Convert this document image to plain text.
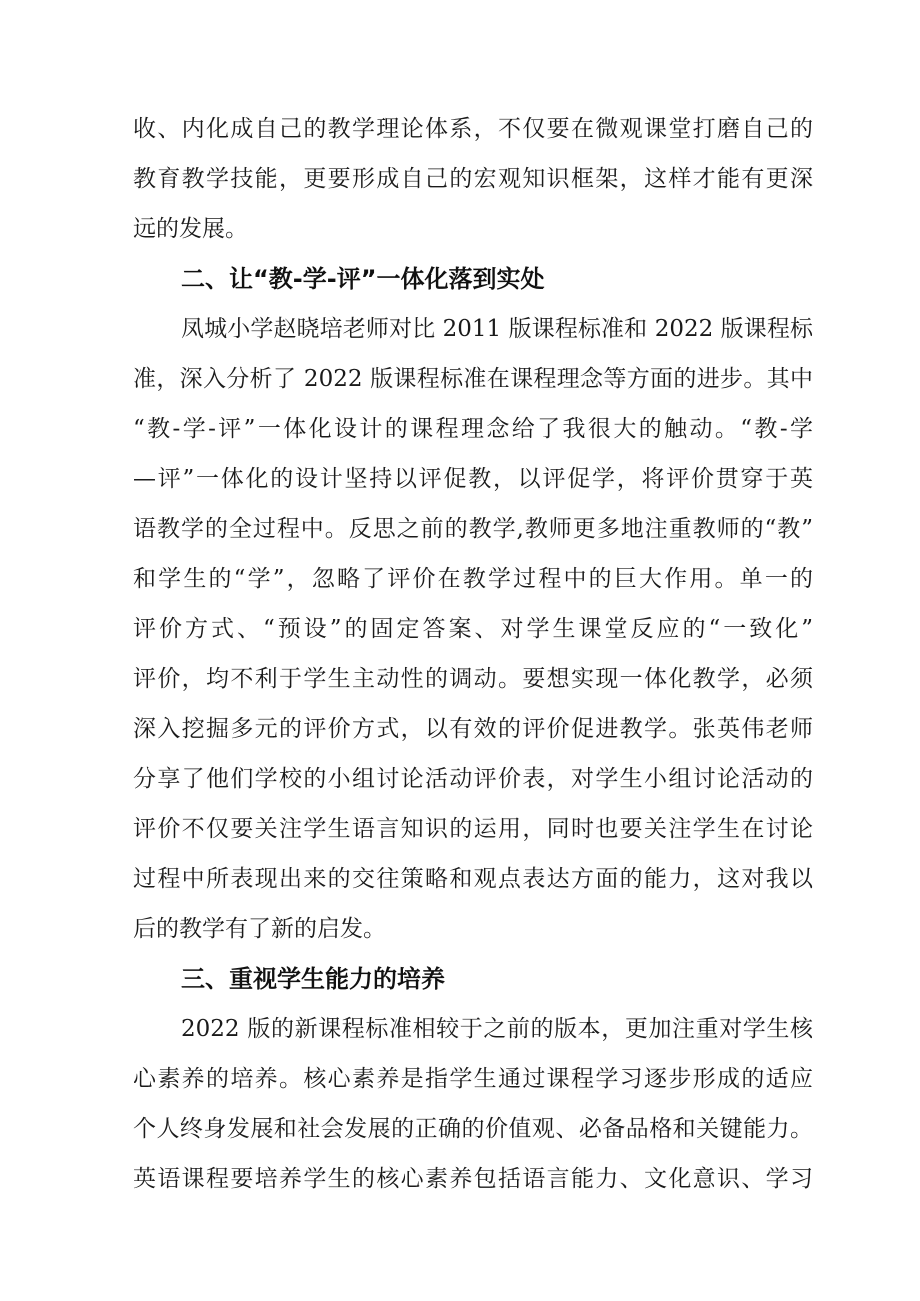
收、内化成自己的教学理论体系，不仅要在微观课堂打磨自己的
教育教学技能，更要形成自己的宏观知识框架，这样才能有更深
远的发展。
二、让“教-学-评”一体化落到实处
凤城小学赵晓培老师对比 2011 版课程标准和 2022 版课程标
准，深入分析了 2022 版课程标准在课程理念等方面的进步。其中
“教-学-评”一体化设计的课程理念给了我很大的触动。“教-学
—评”一体化的设计坚持以评促教，以评促学，将评价贯穿于英
语教学的全过程中。反思之前的教学,教师更多地注重教师的“教”
和学生的“学”，忽略了评价在教学过程中的巨大作用。单一的
评价方式、“预设”的固定答案、对学生课堂反应的“一致化”
评价，均不利于学生主动性的调动。要想实现一体化教学，必须
深入挖掘多元的评价方式，以有效的评价促进教学。张英伟老师
分享了他们学校的小组讨论活动评价表，对学生小组讨论活动的
评价不仅要关注学生语言知识的运用，同时也要关注学生在讨论
过程中所表现出来的交往策略和观点表达方面的能力，这对我以
后的教学有了新的启发。
三、重视学生能力的培养
2022 版的新课程标准相较于之前的版本，更加注重对学生核
心素养的培养。核心素养是指学生通过课程学习逐步形成的适应
个人终身发展和社会发展的正确的价值观、必备品格和关键能力。
英语课程要培养学生的核心素养包括语言能力、文化意识、学习
